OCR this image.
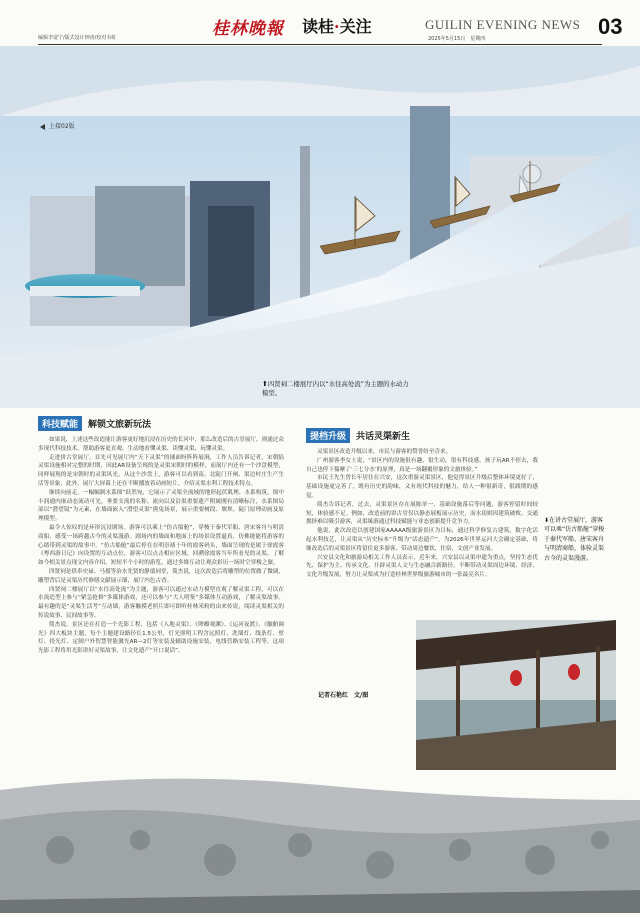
编辑李富宁/版式设计钟涛/校对韦虹	桂林晚報 读桂·关注	GUILIN EVENING NEWS
2025年5月15日　星期四	03
上接02版
⬆四贤祠二楼展厅内以“水往高处流”为主题的水动力模型。
科技赋能 解锁文旅新玩法

如果说，上述这些改造能让游客更好地沉浸在历史的长河中，那么改造后的古堂展厅，则通过众多现代科技技术，帮助游客更直观、生动地看懂灵渠、读懂灵渠、玩懂灵渠。

走进拼古堂展厅，首先可见展厅内“天下灵渠”的铺面呀阵阵展涧，工作人员告诉记者，宋朝陆灵渠设施相对完整的时期，因此AR设备呈现的是灵渠宋朝时的模样，而展厅内还有一个沙盘模型，同样展现的是宋朝时的灵渠风光，从这个沙盘上，游客可以看到南、北陡门开闸、渠边村庄生产生活等景象，此外，展厅大屏幕上还在不断播放着动画短片，介绍灵渠水利工程技术特点。

继续向前走，一幅幅制水系图”跃然宛，它展示了灵渠全流域的地形起伏肌理、水系构筑，图中丰润通内嵌动态流动可光，垂要支流的名称、流向以及沿渠重要遗产附属刚有清晰标注，水系图局部以“潜望镜”为元素，在墙面嵌入“潜望灵渠”熊兔场景，展示重要树段、堰坝、陡门原理动画及原理模型。

最令人惊叹的是环形沉浸剧场。游客可以乘上“仿古船舱”，穿梭于秦代军船、唐宋客舟与明清商船，感受一场跨越古今的灵渠漫游。剧场内的墙面和地面上的场景设置逼真，仿佛能能将游客的心绪带到灵渠的故事中。“仿古船舱”最后停在在明崇祯十年的霞客码头，墙面呈现的是属于徐霞客《粤西游日记》向设置的互动点位，游客可以点击相应区域，回溯徐霞客当年所看见的灵渠，了解如今相关景点现文内容介绍，短短半个小时的游览，通过多维互动让观众彩历一场时空穿梭之旅。

四贤祠是供奉史禄、马援等治水先贤的静谧祠堂，简杰说，这次改造后将雕塑的位置做了微调，雕塑背后是灵渠历代修缮文献展示墙，展厅内色古香。

四贤祠二楼展厅以“水往高处流”为主题，游客可以通过水动力模型直观了解灵渠工程，可以在水流造型上参与“紧急抢修”多媒体游戏，还可以参与“大人明鉴”多媒体互动游戏，了解灵渠故事。最有趣的是“灵渠生活考”互动墙，游客触摸老照片即可即听桂林米粉的由来传说，阅读灵渠相关的传说故事、民间故事等。

简杰说，景区还在打造一个光影工程，包括《入地灵渠》、《卵瓣观渊》、《运河夜渡》、《触舶调光》四大板块主题，每个主题建设路径长1.5公里，灯光照明工程含远照灯、洗墙灯、线条灯、壁灯、投光灯、定制户外智慧智能激光AR—2灯等安装及辅助设施安装，电线管路安装工程等。这项光影工程将用光影讲好灵渠故事，让文化遗产“开口说话”。

提档升级 共话灵渠新生

灵渠景区改造升级以来，市民与游客的赞誉纷至沓来。

广州游客李女士说，“景区内的设施很有趣，很生动，很有科技感，孩子玩AR不停去，我自己也停下揣摩了‘三七分水’的原理，真是一场翻覆形象的文旅体验。”

市民王先生曾长年居住在兴安，这次重游灵渠景区，他觉得景区升级后整体环境更好了，基础设施更完善了，既有历史的韵味，又有现代科技的魅力，给人一种很新奇，很践期的感觉。

简杰告诉记者，过去，灵渠景区存在展陈单一、基础设施落后等问题，游客停留时间较短、体验感不足。例如，改造前的讲古堂仅以静态展板展示历史，而水街则因建筑破败、交通拥挤难以吸引游客，灵渠缘游通过科技赋能与业态创新提升竞争力。

他说，此次改造以创建国家AAAAA级旅游景区为目标，通过科学修复古建筑、数字化活起水利技艺，让灵渠从“历史标本”升级为“活态遗产”，为2026年世界运河大会确定基础，将继改造后的灵渠景区将留住更多游客，带动周边餐饮、住宿、文创产业发展。

兴安县文化和旅游局相关工作人员表示，近年来，兴安县以灵渠申遗为重点，坚持生态优先、保护为主、传承文化、开辟灵渠人文与生态融合新路径，不断带动灵渠周边环境、经济、文化升级发展，努力让灵渠成为打造桂林世界级旅游城市的一张最亮名片。

记者石艳红　文/图
⬇在讲古堂展厅，游客可以乘“仿古船舱”穿梭于秦代军船、唐宋客舟与明清商船，体验灵渠古今的灵渠漫游。
